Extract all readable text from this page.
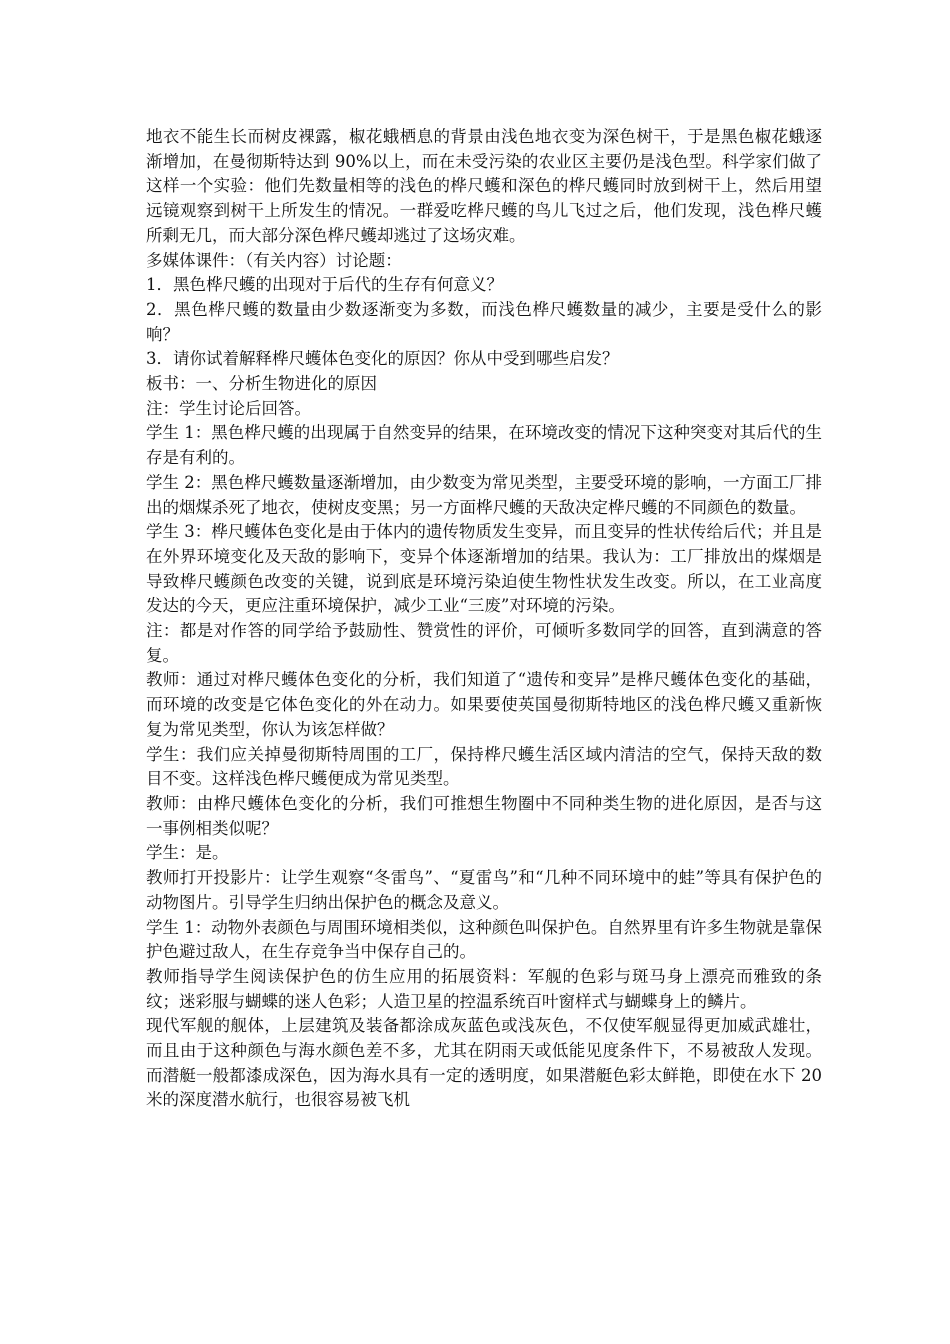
地衣不能生长而树皮裸露，椒花蛾栖息的背景由浅色地衣变为深色树干，于是黑色椒花蛾逐渐增加，在曼彻斯特达到 90%以上，而在未受污染的农业区主要仍是浅色型。科学家们做了这样一个实验：他们先数量相等的浅色的桦尺蠖和深色的桦尺蠖同时放到树干上，然后用望远镜观察到树干上所发生的情况。一群爱吃桦尺蠖的鸟儿飞过之后，他们发现，浅色桦尺蠖所剩无几，而大部分深色桦尺蠖却逃过了这场灾难。

多媒体课件：（有关内容）讨论题：

1．黑色桦尺蠖的出现对于后代的生存有何意义？

2．黑色桦尺蠖的数量由少数逐渐变为多数，而浅色桦尺蠖数量的减少，主要是受什么的影响？

3．请你试着解释桦尺蠖体色变化的原因？你从中受到哪些启发？

板书：一、分析生物进化的原因

注：学生讨论后回答。

学生 1：黑色桦尺蠖的出现属于自然变异的结果，在环境改变的情况下这种突变对其后代的生存是有利的。

学生 2：黑色桦尺蠖数量逐渐增加，由少数变为常见类型，主要受环境的影响，一方面工厂排出的烟煤杀死了地衣，使树皮变黑；另一方面桦尺蠖的天敌决定桦尺蠖的不同颜色的数量。

学生 3：桦尺蠖体色变化是由于体内的遗传物质发生变异，而且变异的性状传给后代；并且是在外界环境变化及天敌的影响下，变异个体逐渐增加的结果。我认为：工厂排放出的煤烟是导致桦尺蠖颜色改变的关键，说到底是环境污染迫使生物性状发生改变。所以，在工业高度发达的今天，更应注重环境保护，减少工业“三废”对环境的污染。

注：都是对作答的同学给予鼓励性、赞赏性的评价，可倾听多数同学的回答，直到满意的答复。

教师：通过对桦尺蠖体色变化的分析，我们知道了“遗传和变异”是桦尺蠖体色变化的基础，而环境的改变是它体色变化的外在动力。如果要使英国曼彻斯特地区的浅色桦尺蠖又重新恢复为常见类型，你认为该怎样做？

学生：我们应关掉曼彻斯特周围的工厂，保持桦尺蠖生活区域内清洁的空气，保持天敌的数目不变。这样浅色桦尺蠖便成为常见类型。

教师：由桦尺蠖体色变化的分析，我们可推想生物圈中不同种类生物的进化原因，是否与这一事例相类似呢？

学生：是。

教师打开投影片：让学生观察“冬雷鸟”、“夏雷鸟”和“几种不同环境中的蛙”等具有保护色的动物图片。引导学生归纳出保护色的概念及意义。

学生 1：动物外表颜色与周围环境相类似，这种颜色叫保护色。自然界里有许多生物就是靠保护色避过敌人，在生存竞争当中保存自己的。

教师指导学生阅读保护色的仿生应用的拓展资料：军舰的色彩与斑马身上漂亮而雅致的条纹；迷彩服与蝴蝶的迷人色彩；人造卫星的控温系统百叶窗样式与蝴蝶身上的鳞片。

现代军舰的舰体，上层建筑及装备都涂成灰蓝色或浅灰色，不仅使军舰显得更加威武雄壮，而且由于这种颜色与海水颜色差不多，尤其在阴雨天或低能见度条件下，不易被敌人发现。而潜艇一般都漆成深色，因为海水具有一定的透明度，如果潜艇色彩太鲜艳，即使在水下 20 米的深度潜水航行，也很容易被飞机
